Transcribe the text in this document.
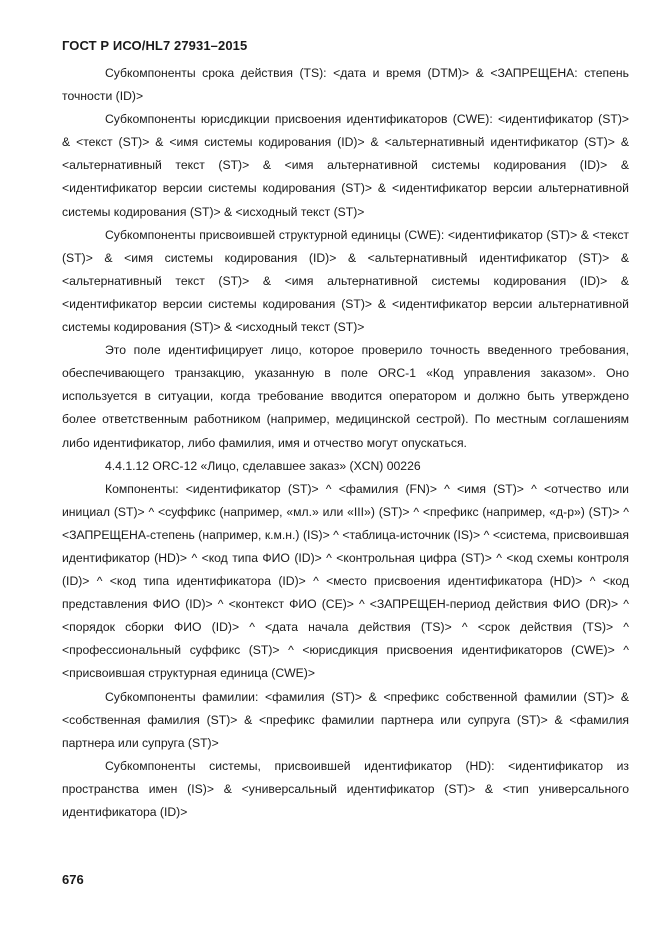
ГОСТ Р ИСО/HL7 27931–2015

Субкомпоненты срока действия (TS): <дата и время (DTM)> & <ЗАПРЕЩЕНА: степень точности (ID)>

Субкомпоненты юрисдикции присвоения идентификаторов (CWE): <идентификатор (ST)> & <текст (ST)> & <имя системы кодирования (ID)> & <альтернативный идентификатор (ST)> & <альтернативный текст (ST)> & <имя альтернативной системы кодирования (ID)> & <идентификатор версии системы кодирования (ST)> & <идентификатор версии альтернативной системы кодирования (ST)> & <исходный текст (ST)>

Субкомпоненты присвоившей структурной единицы (CWE): <идентификатор (ST)> & <текст (ST)> & <имя системы кодирования (ID)> & <альтернативный идентификатор (ST)> & <альтернативный текст (ST)> & <имя альтернативной системы кодирования (ID)> & <идентификатор версии системы кодирования (ST)> & <идентификатор версии альтернативной системы кодирования (ST)> & <исходный текст (ST)>

Это поле идентифицирует лицо, которое проверило точность введенного требования, обеспечивающего транзакцию, указанную в поле ORC-1 «Код управления заказом». Оно используется в ситуации, когда требование вводится оператором и должно быть утверждено более ответственным работником (например, медицинской сестрой). По местным соглашениям либо идентификатор, либо фамилия, имя и отчество могут опускаться.

4.4.1.12 ORC-12 «Лицо, сделавшее заказ» (XCN) 00226

Компоненты: <идентификатор (ST)> ^ <фамилия (FN)> ^ <имя (ST)> ^ <отчество или инициал (ST)> ^ <суффикс (например, «мл.» или «III») (ST)> ^ <префикс (например, «д-р») (ST)> ^ <ЗАПРЕЩЕНА-степень (например, к.м.н.) (IS)> ^ <таблица-источник (IS)> ^ <система, присвоившая идентификатор (HD)> ^ <код типа ФИО (ID)> ^ <контрольная цифра (ST)> ^ <код схемы контроля (ID)> ^ <код типа идентификатора (ID)> ^ <место присвоения идентификатора (HD)> ^ <код представления ФИО (ID)> ^ <контекст ФИО (CE)> ^ <ЗАПРЕЩЕН-период действия ФИО (DR)> ^ <порядок сборки ФИО (ID)> ^ <дата начала действия (TS)> ^ <срок действия (TS)> ^ <профессиональный суффикс (ST)> ^ <юрисдикция присвоения идентификаторов (CWE)> ^ <присвоившая структурная единица (CWE)>

Субкомпоненты фамилии: <фамилия (ST)> & <префикс собственной фамилии (ST)> & <собственная фамилия (ST)> & <префикс фамилии партнера или супруга (ST)> & <фамилия партнера или супруга (ST)>

Субкомпоненты системы, присвоившей идентификатор (HD): <идентификатор из пространства имен (IS)> & <универсальный идентификатор (ST)> & <тип универсального идентификатора (ID)>

676
